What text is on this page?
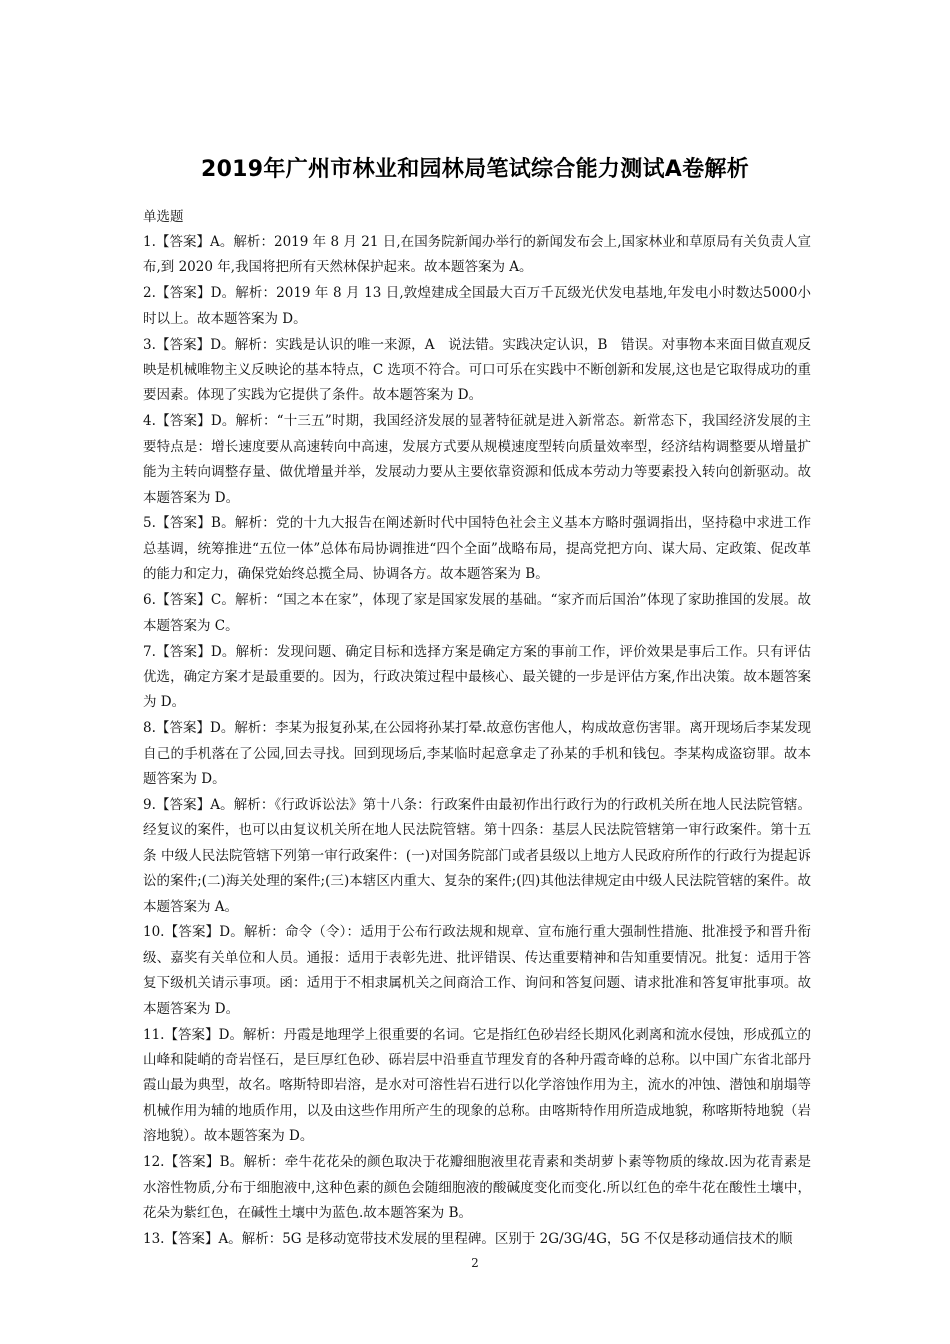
2019年广州市林业和园林局笔试综合能力测试A卷解析
单选题

1.【答案】A。解析：2019 年 8 月 21 日,在国务院新闻办举行的新闻发布会上,国家林业和草原局有关负责人宣布,到 2020 年,我国将把所有天然林保护起来。故本题答案为 A。

2.【答案】D。解析：2019 年 8 月 13 日,敦煌建成全国最大百万千瓦级光伏发电基地,年发电小时数达5000小时以上。故本题答案为 D。

3.【答案】D。解析：实践是认识的唯一来源，A　说法错。实践决定认识，B　错误。对事物本来面目做直观反映是机械唯物主义反映论的基本特点，C 选项不符合。可口可乐在实践中不断创新和发展,这也是它取得成功的重要因素。体现了实践为它提供了条件。故本题答案为 D。

4.【答案】D。解析：“十三五”时期，我国经济发展的显著特征就是进入新常态。新常态下，我国经济发展的主要特点是：增长速度要从高速转向中高速，发展方式要从规模速度型转向质量效率型，经济结构调整要从增量扩能为主转向调整存量、做优增量并举，发展动力要从主要依靠资源和低成本劳动力等要素投入转向创新驱动。故本题答案为 D。

5.【答案】B。解析：党的十九大报告在阐述新时代中国特色社会主义基本方略时强调指出，坚持稳中求进工作总基调，统筹推进“五位一体”总体布局协调推进“四个全面”战略布局，提高党把方向、谋大局、定政策、促改革的能力和定力，确保党始终总揽全局、协调各方。故本题答案为 B。

6.【答案】C。解析：“国之本在家”，体现了家是国家发展的基础。“家齐而后国治”体现了家助推国的发展。故本题答案为 C。

7.【答案】D。解析：发现问题、确定目标和选择方案是确定方案的事前工作，评价效果是事后工作。只有评估优选，确定方案才是最重要的。因为，行政决策过程中最核心、最关键的一步是评估方案,作出决策。故本题答案为 D。

8.【答案】D。解析：李某为报复孙某,在公园将孙某打晕.故意伤害他人，构成故意伤害罪。离开现场后李某发现自己的手机落在了公园,回去寻找。回到现场后,李某临时起意拿走了孙某的手机和钱包。李某构成盗窃罪。故本题答案为 D。

9.【答案】A。解析：《行政诉讼法》第十八条：行政案件由最初作出行政行为的行政机关所在地人民法院管辖。经复议的案件，也可以由复议机关所在地人民法院管辖。第十四条：基层人民法院管辖第一审行政案件。第十五条 中级人民法院管辖下列第一审行政案件：(一)对国务院部门或者县级以上地方人民政府所作的行政行为提起诉讼的案件;(二)海关处理的案件;(三)本辖区内重大、复杂的案件;(四)其他法律规定由中级人民法院管辖的案件。故本题答案为 A。

10.【答案】D。解析：命令（令）：适用于公布行政法规和规章、宣布施行重大强制性措施、批准授予和晋升衔级、嘉奖有关单位和人员。通报：适用于表彰先进、批评错误、传达重要精神和告知重要情况。批复：适用于答复下级机关请示事项。函：适用于不相隶属机关之间商洽工作、询问和答复问题、请求批准和答复审批事项。故本题答案为 D。

11.【答案】D。解析：丹霞是地理学上很重要的名词。它是指红色砂岩经长期风化剥离和流水侵蚀，形成孤立的山峰和陡峭的奇岩怪石，是巨厚红色砂、砾岩层中沿垂直节理发育的各种丹霞奇峰的总称。以中国广东省北部丹霞山最为典型，故名。喀斯特即岩溶，是水对可溶性岩石进行以化学溶蚀作用为主，流水的冲蚀、潜蚀和崩塌等机械作用为辅的地质作用，以及由这些作用所产生的现象的总称。由喀斯特作用所造成地貌，称喀斯特地貌（岩溶地貌）。故本题答案为 D。

12.【答案】B。解析：牵牛花花朵的颜色取决于花瓣细胞液里花青素和类胡萝卜素等物质的缘故.因为花青素是水溶性物质,分布于细胞液中,这种色素的颜色会随细胞液的酸碱度变化而变化.所以红色的牵牛花在酸性土壤中，花朵为紫红色，在碱性土壤中为蓝色.故本题答案为 B。

13.【答案】A。解析：5G 是移动宽带技术发展的里程碑。区别于 2G/3G/4G，5G 不仅是移动通信技术的顺

2
